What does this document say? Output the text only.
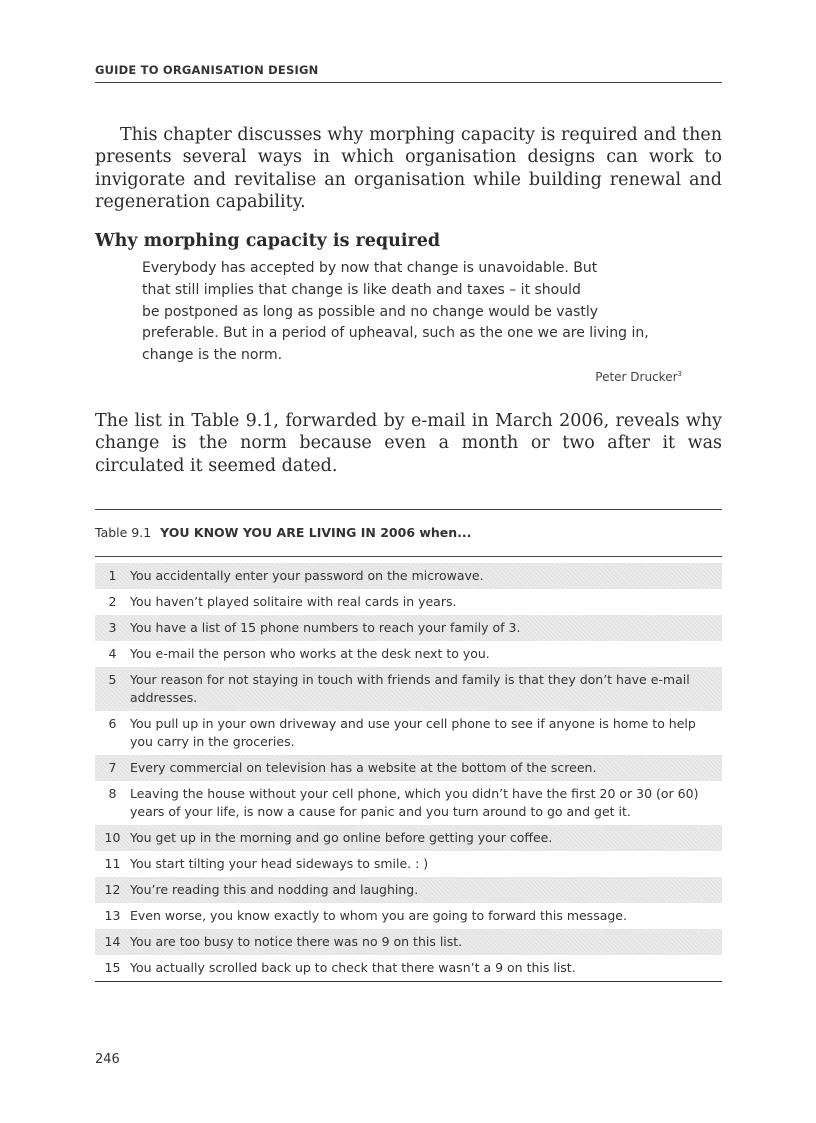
GUIDE TO ORGANISATION DESIGN

This chapter discusses why morphing capacity is required and then presents several ways in which organisation designs can work to invigorate and revitalise an organisation while building renewal and regeneration capability.

Why morphing capacity is required
Everybody has accepted by now that change is unavoidable. But
that still implies that change is like death and taxes – it should
be postponed as long as possible and no change would be vastly
preferable. But in a period of upheaval, such as the one we are living in,
change is the norm.
Peter Drucker$^3$

The list in Table 9.1, forwarded by e-mail in March 2006, reveals why change is the norm because even a month or two after it was circulated it seemed dated.

Table 9.1 YOU KNOW YOU ARE LIVING IN 2006 when...
1	You accidentally enter your password on the microwave.
2	You haven’t played solitaire with real cards in years.
3	You have a list of 15 phone numbers to reach your family of 3.
4	You e-mail the person who works at the desk next to you.
5	Your reason for not staying in touch with friends and family is that they don’t have e-mail addresses.
6	You pull up in your own driveway and use your cell phone to see if anyone is home to help you carry in the groceries.
7	Every commercial on television has a website at the bottom of the screen.
8	Leaving the house without your cell phone, which you didn’t have the first 20 or 30 (or 60) years of your life, is now a cause for panic and you turn around to go and get it.
10 You get up in the morning and go online before getting your coffee.
11 You start tilting your head sideways to smile. : )
12 You’re reading this and nodding and laughing.
13 Even worse, you know exactly to whom you are going to forward this message.
14 You are too busy to notice there was no 9 on this list.
15 You actually scrolled back up to check that there wasn’t a 9 on this list.
246
